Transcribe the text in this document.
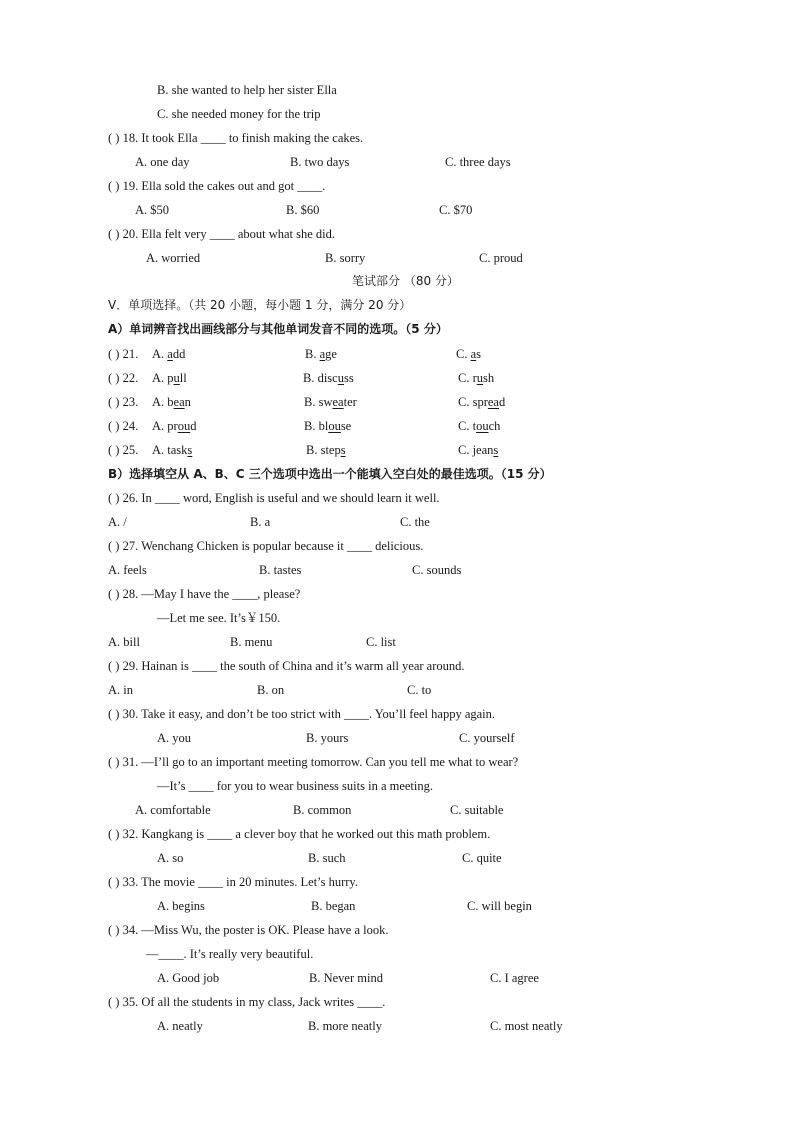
B. she wanted to help her sister Ella
C. she needed money for the trip
( ) 18. It took Ella ____ to finish making the cakes.
A. one day	B. two days	C. three days
( ) 19. Ella sold the cakes out and got ____.
A. $50	B. $60	C. $70
( ) 20. Ella felt very ____ about what she did.
A. worried	B. sorry	C. proud
笔试部分 （80 分）
V．单项选择。（共 20 小题，每小题 1 分，满分 20 分）
A）单词辨音找出画线部分与其他单词发音不同的选项。（5 分）
( ) 21. A. add	B. age	C. as
( ) 22. A. pull	B. discuss	C. rush
( ) 23. A. bean	B. sweater	C. spread
( ) 24. A. proud	B. blouse	C. touch
( ) 25. A. tasks	B. steps	C. jeans
B）选择填空从 A、B、C 三个选项中选出一个能填入空白处的最佳选项。（15 分）
( ) 26. In ____ word, English is useful and we should learn it well.
A. /	B. a	C. the
( ) 27. Wenchang Chicken is popular because it ____ delicious.
A. feels	B. tastes	C. sounds
( ) 28. —May I have the ____, please?
—Let me see. It’s￥150.
A. bill	B. menu	C. list
( ) 29. Hainan is ____ the south of China and it’s warm all year around.
A. in	B. on	C. to
( ) 30. Take it easy, and don’t be too strict with ____. You’ll feel happy again.
A. you	B. yours	C. yourself
( ) 31. —I’ll go to an important meeting tomorrow. Can you tell me what to wear?
—It’s ____ for you to wear business suits in a meeting.
A. comfortable	B. common	C. suitable
( ) 32. Kangkang is ____ a clever boy that he worked out this math problem.
A. so	B. such	C. quite
( ) 33. The movie ____ in 20 minutes. Let’s hurry.
A. begins	B. began	C. will begin
( ) 34. —Miss Wu, the poster is OK. Please have a look.
—____. It’s really very beautiful.
A. Good job	B. Never mind	C. I agree
( ) 35. Of all the students in my class, Jack writes ____.
A. neatly	B. more neatly	C. most neatly
